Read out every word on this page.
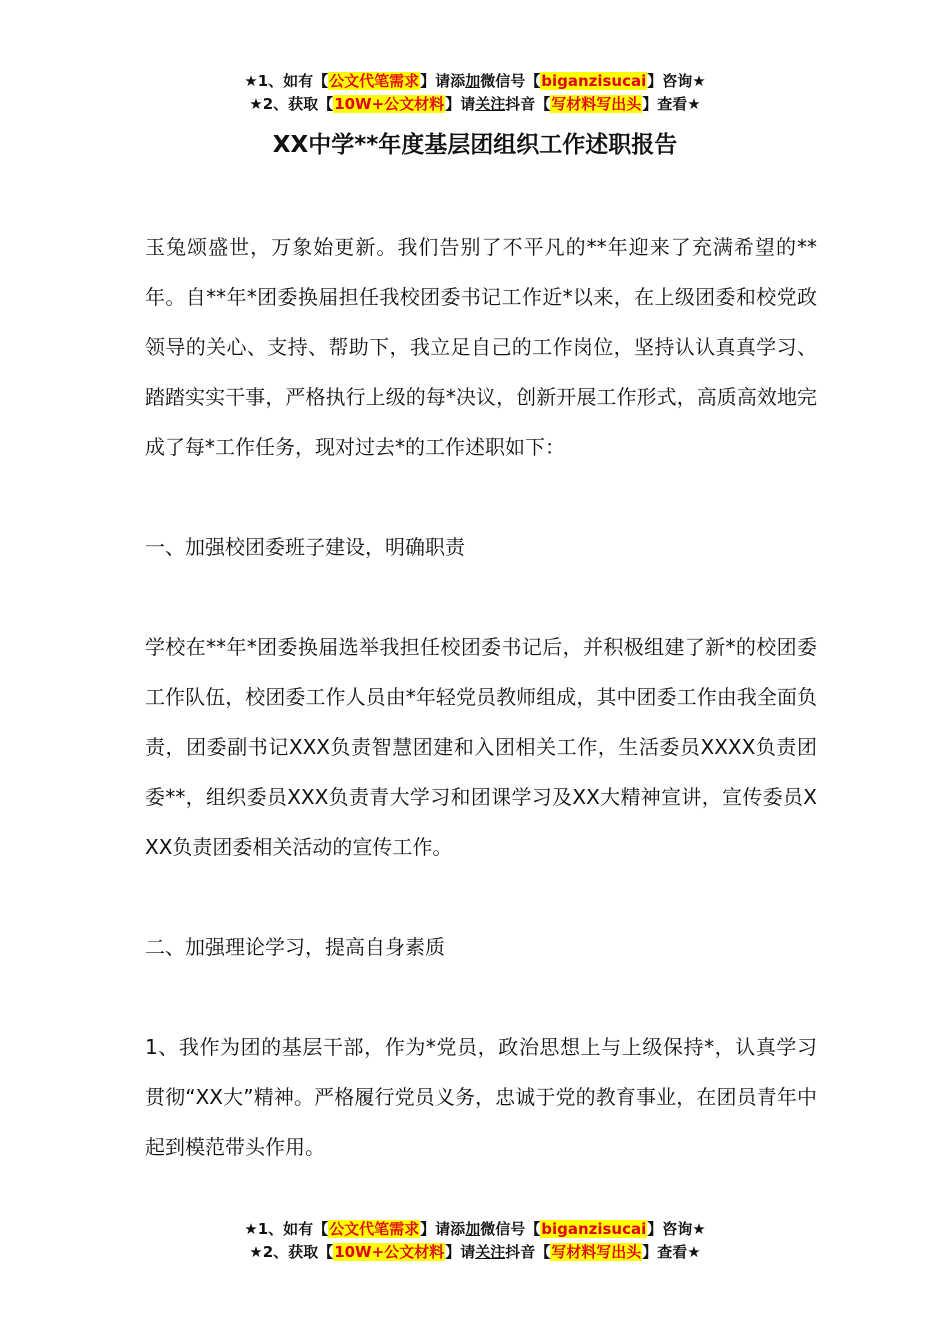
★1、如有【公文代笔需求】请添加微信号【biganzisucai】咨询★
★2、获取【10W+公文材料】请关注抖音【写材料写出头】查看★
XX中学**年度基层团组织工作述职报告

玉兔颂盛世，万象始更新。我们告别了不平凡的**年迎来了充满希望的**年。自**年*团委换届担任我校团委书记工作近*以来，在上级团委和校党政领导的关心、支持、帮助下，我立足自己的工作岗位，坚持认认真真学习、踏踏实实干事，严格执行上级的每*决议，创新开展工作形式，高质高效地完成了每*工作任务，现对过去*的工作述职如下：

一、加强校团委班子建设，明确职责

学校在**年*团委换届选举我担任校团委书记后，并积极组建了新*的校团委工作队伍，校团委工作人员由*年轻党员教师组成，其中团委工作由我全面负责，团委副书记XXX负责智慧团建和入团相关工作，生活委员XXXX负责团委**，组织委员XXX负责青大学习和团课学习及XX大精神宣讲，宣传委员XXX负责团委相关活动的宣传工作。

二、加强理论学习，提高自身素质

1、我作为团的基层干部，作为*党员，政治思想上与上级保持*，认真学习贯彻“XX大”精神。严格履行党员义务，忠诚于党的教育事业，在团员青年中起到模范带头作用。

★1、如有【公文代笔需求】请添加微信号【biganzisucai】咨询★
★2、获取【10W+公文材料】请关注抖音【写材料写出头】查看★
